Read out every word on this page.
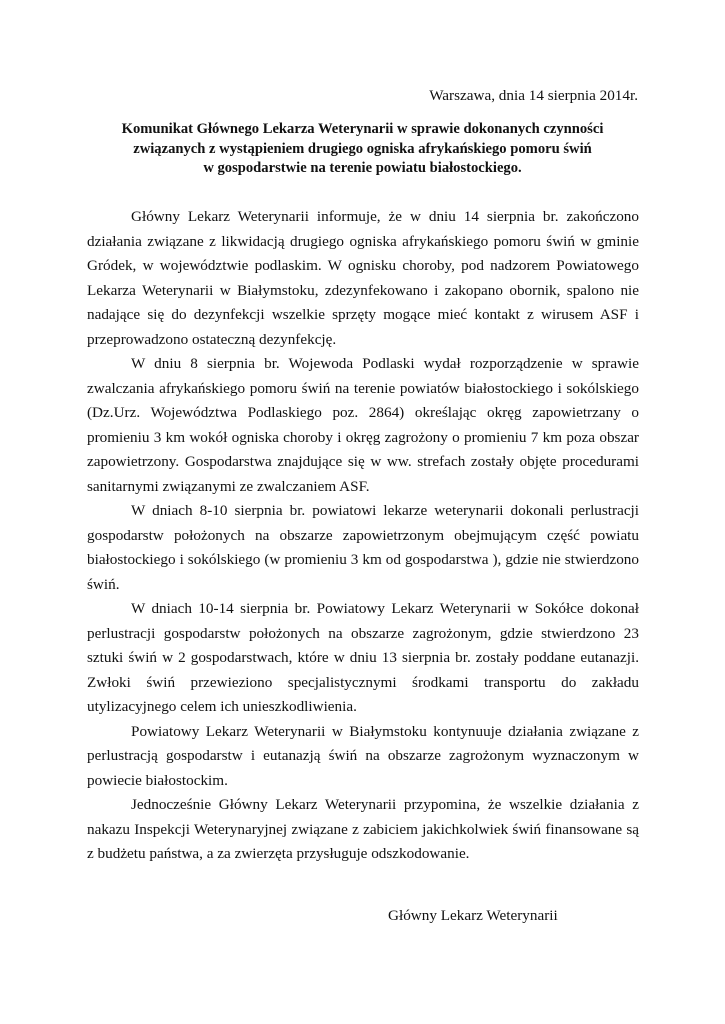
Warszawa, dnia 14 sierpnia 2014r.
Komunikat Głównego Lekarza Weterynarii w sprawie dokonanych czynności
związanych z wystąpieniem drugiego ogniska afrykańskiego pomoru świń
w gospodarstwie na terenie powiatu białostockiego.

Główny Lekarz Weterynarii informuje, że w dniu 14 sierpnia br. zakończono działania związane z likwidacją drugiego ogniska afrykańskiego pomoru świń w gminie Gródek, w województwie podlaskim. W ognisku choroby, pod nadzorem Powiatowego Lekarza Weterynarii w Białymstoku, zdezynfekowano i zakopano obornik, spalono nie nadające się do dezynfekcji wszelkie sprzęty mogące mieć kontakt z wirusem ASF i przeprowadzono ostateczną dezynfekcję.

W dniu 8 sierpnia br. Wojewoda Podlaski wydał rozporządzenie w sprawie zwalczania afrykańskiego pomoru świń na terenie powiatów białostockiego i sokólskiego (Dz.Urz. Województwa Podlaskiego poz. 2864) określając okręg zapowietrzany o promieniu 3 km wokół ogniska choroby i okręg zagrożony o promieniu 7 km poza obszar zapowietrzony. Gospodarstwa znajdujące się w ww. strefach zostały objęte procedurami sanitarnymi związanymi ze zwalczaniem ASF.

W dniach 8-10 sierpnia br. powiatowi lekarze weterynarii dokonali perlustracji gospodarstw położonych na obszarze zapowietrzonym obejmującym część powiatu białostockiego i sokólskiego (w promieniu 3 km od gospodarstwa ), gdzie nie stwierdzono świń.

W dniach 10-14 sierpnia br. Powiatowy Lekarz Weterynarii w Sokółce dokonał perlustracji gospodarstw położonych na obszarze zagrożonym, gdzie stwierdzono 23 sztuki świń w 2 gospodarstwach, które w dniu 13 sierpnia br. zostały poddane eutanazji. Zwłoki świń przewieziono specjalistycznymi środkami transportu do zakładu utylizacyjnego celem ich unieszkodliwienia.

Powiatowy Lekarz Weterynarii w Białymstoku kontynuuje działania związane z perlustracją gospodarstw i eutanazją świń na obszarze zagrożonym wyznaczonym w powiecie białostockim.

Jednocześnie Główny Lekarz Weterynarii przypomina, że wszelkie działania z nakazu Inspekcji Weterynaryjnej związane z zabiciem jakichkolwiek świń finansowane są z budżetu państwa, a za zwierzęta przysługuje odszkodowanie.

Główny Lekarz Weterynarii
